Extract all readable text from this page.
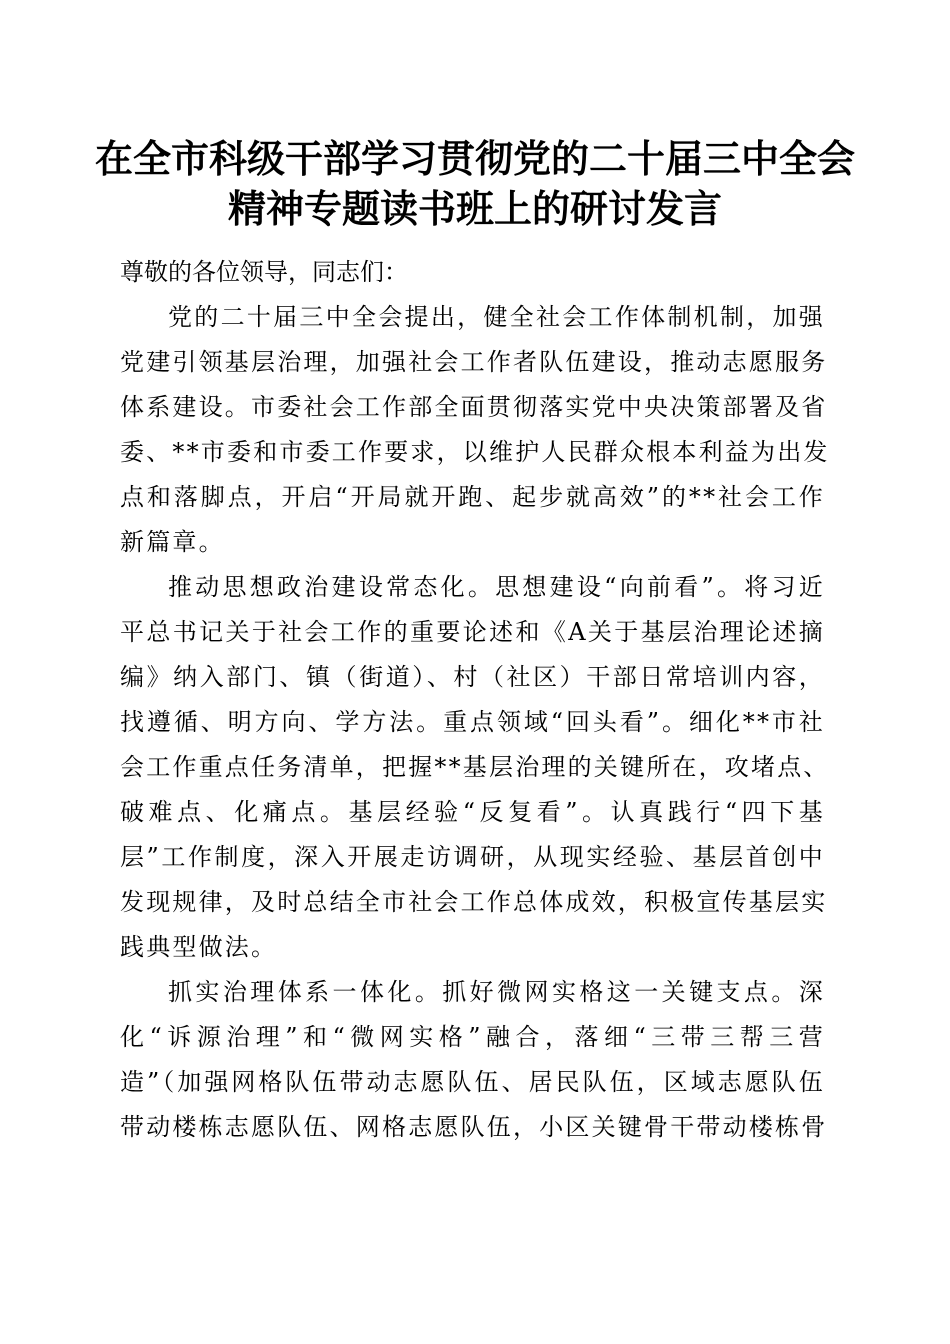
在全市科级干部学习贯彻党的二十届三中全会
精神专题读书班上的研讨发言

尊敬的各位领导，同志们：

党的二十届三中全会提出，健全社会工作体制机制，加强
党建引领基层治理，加强社会工作者队伍建设，推动志愿服务
体系建设。市委社会工作部全面贯彻落实党中央决策部署及省
委、**市委和市委工作要求，以维护人民群众根本利益为出发
点和落脚点，开启“开局就开跑、起步就高效”的**社会工作
新篇章。

推动思想政治建设常态化。思想建设“向前看”。将习近
平总书记关于社会工作的重要论述和《A关于基层治理论述摘
编》纳入部门、镇（街道）、村（社区）干部日常培训内容，
找遵循、明方向、学方法。重点领域“回头看”。细化**市社
会工作重点任务清单，把握**基层治理的关键所在，攻堵点、
破难点、化痛点。基层经验“反复看”。认真践行“四下基
层”工作制度，深入开展走访调研，从现实经验、基层首创中
发现规律，及时总结全市社会工作总体成效，积极宣传基层实
践典型做法。

抓实治理体系一体化。抓好微网实格这一关键支点。深
化“诉源治理”和“微网实格”融合，落细“三带三帮三营
造”（加强网格队伍带动志愿队伍、居民队伍，区域志愿队伍
带动楼栋志愿队伍、网格志愿队伍，小区关键骨干带动楼栋骨
